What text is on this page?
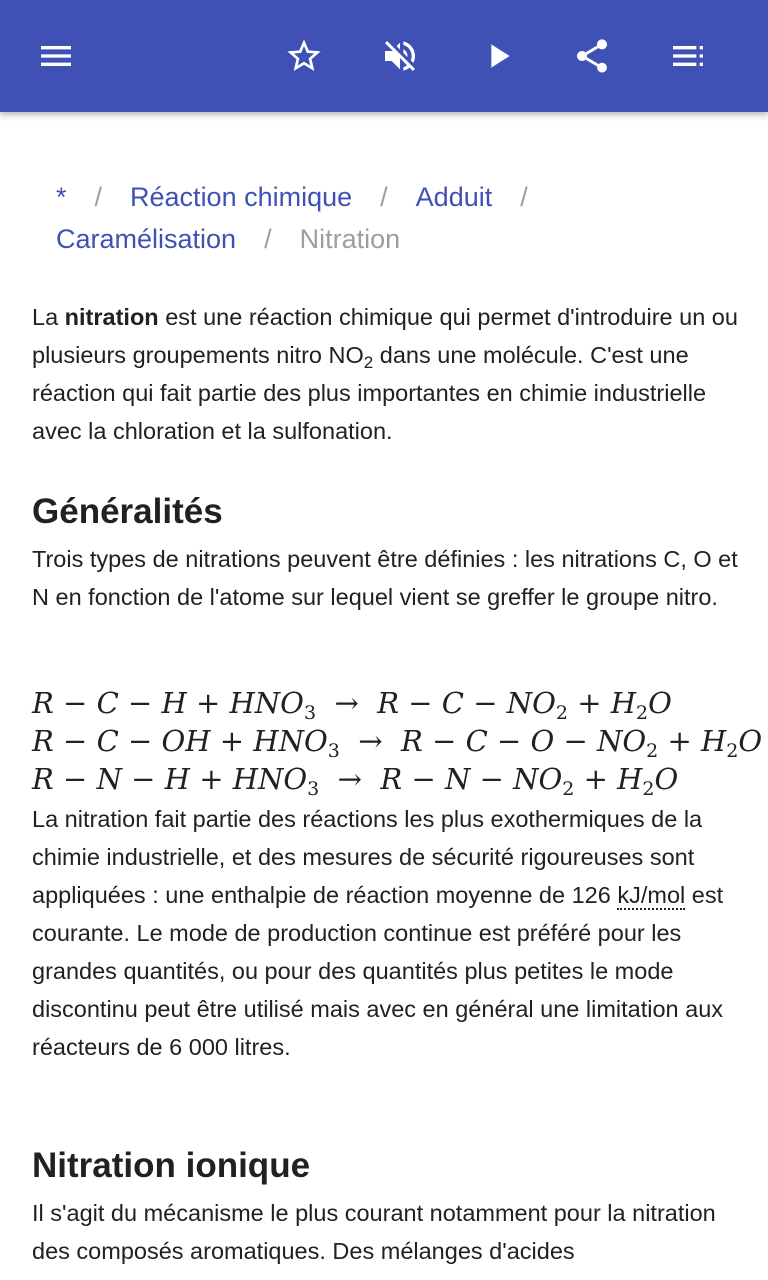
* / Réaction chimique / Adduit /
Caramélisation / Nitration

La nitration est une réaction chimique qui permet d'introduire un ou plusieurs groupements nitro $NO_2$ dans une molécule. C'est une réaction qui fait partie des plus importantes en chimie industrielle avec la chloration et la sulfonation.

Généralités

Trois types de nitrations peuvent être définies : les nitrations C, O et N en fonction de l'atome sur lequel vient se greffer le groupe nitro.

$R - C - H + HNO_3 \to R - C - NO_2 + H_2O$
R − C − OH + $HNO_3 \to R - C - O - NO_2 + H_2O$
$R - N - H + HNO_3 \to R - N - NO_2 + H_2O$

La nitration fait partie des réactions les plus exothermiques de la chimie industrielle, et des mesures de sécurité rigoureuses sont appliquées : une enthalpie de réaction moyenne de 126 kJ/mol est courante. Le mode de production continue est préféré pour les grandes quantités, ou pour des quantités plus petites le mode discontinu peut être utilisé mais avec en général une limitation aux réacteurs de 6 000 litres.

Nitration ionique

Il s'agit du mécanisme le plus courant notamment pour la nitration des composés aromatiques. Des mélanges d'acides
